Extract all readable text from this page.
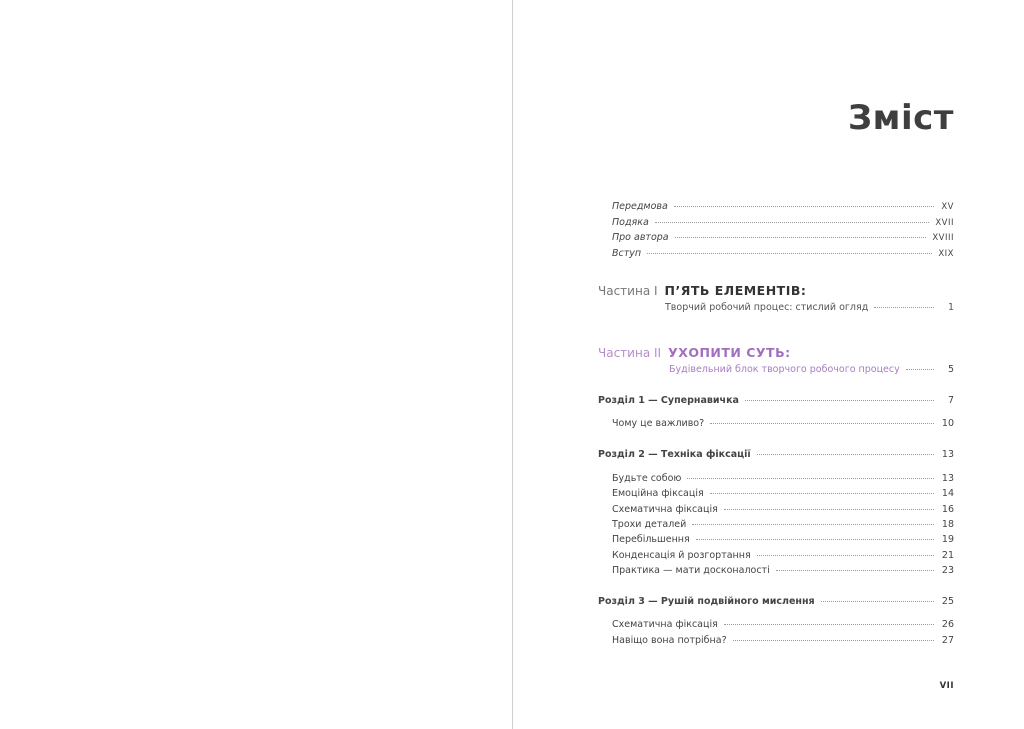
Зміст
Передмова	XV
Подяка	XVII
Про автора	XVIII
Вступ	XIX
Частина I П’ЯТЬ ЕЛЕМЕНТІВ:
Творчий робочий процес: стислий огляд	1
Частина II УХОПИТИ СУТЬ:
Будівельний блок творчого робочого процесу	5
Розділ 1 — Супернавичка	7
Чому це важливо?	10
Розділ 2 — Техніка фіксації	13
Будьте собою	13
Емоційна фіксація	14
Схематична фіксація	16
Трохи деталей	18
Перебільшення	19
Конденсація й розгортання	21
Практика — мати досконалості	23
Розділ 3 — Рушій подвійного мислення	25
Схематична фіксація	26
Навіщо вона потрібна?	27
VII
